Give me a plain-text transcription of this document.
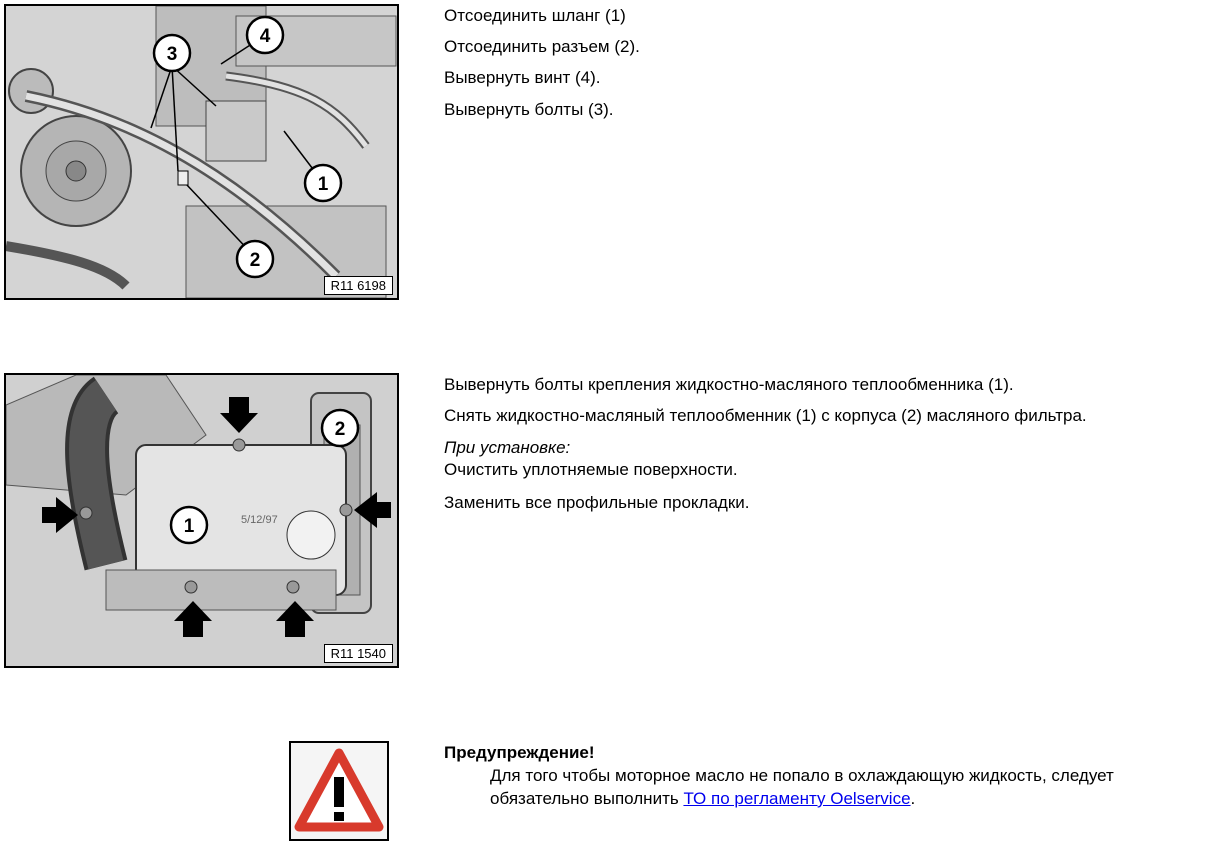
3
4
1
2
R11 6198

Отсоединить шланг (1)

Отсоединить разъем (2).

Вывернуть винт (4).

Вывернуть болты (3).

5/12/97
1
2
R11 1540

Вывернуть болты крепления жидкостно-масляного теплообменника (1).

Снять жидкостно-масляный теплообменник (1) с корпуса (2) масляного фильтра.

При установке:

Очистить уплотняемые поверхности.

Заменить все профильные прокладки.

Предупреждение!

Для того чтобы моторное масло не попало в охлаждающую жидкость, следует

обязательно выполнить ТО по регламенту Oelservice.
